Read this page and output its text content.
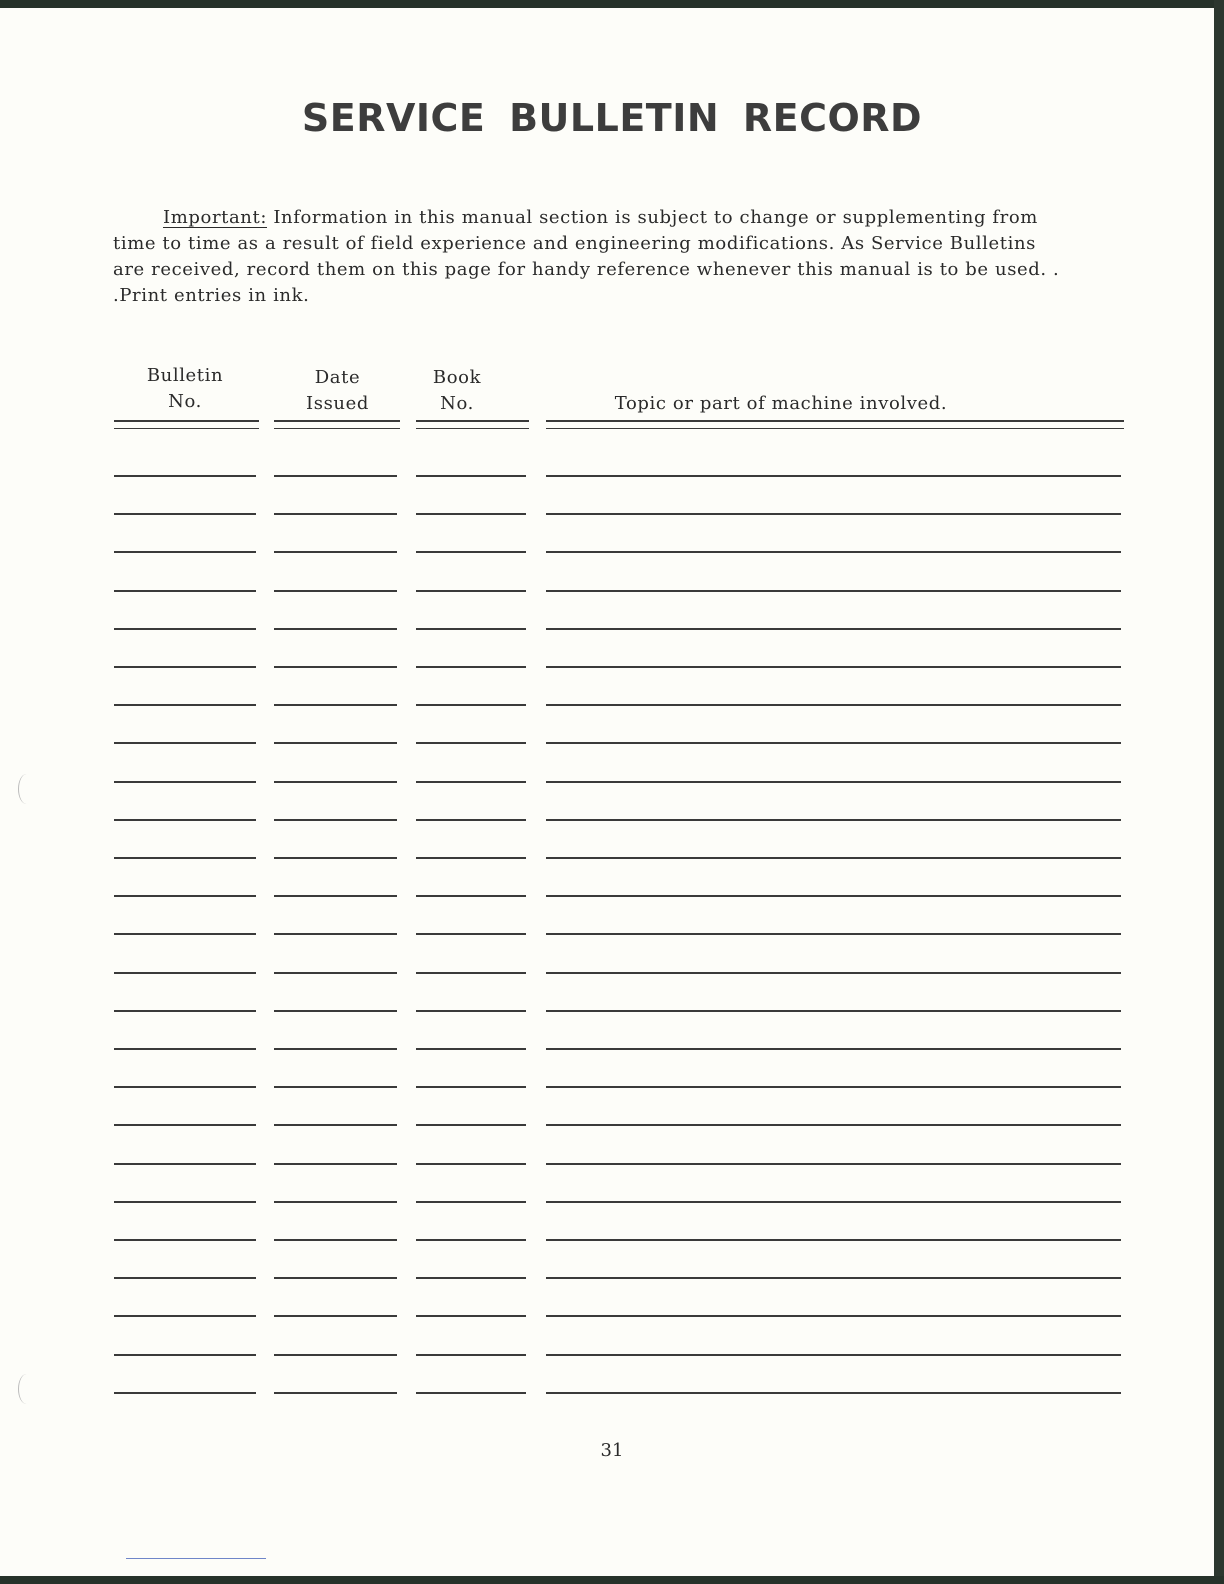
SERVICE BULLETIN RECORD
Important: Information in this manual section is subject to change or supplementing from time to time as a result of field experience and engineering modifications. As Service Bulletins are received, record them on this page for handy reference whenever this manual is to be used. . .Print entries in ink.
Bulletin
No.
Date
Issued
Book
No.	Topic or part of machine involved.
31
